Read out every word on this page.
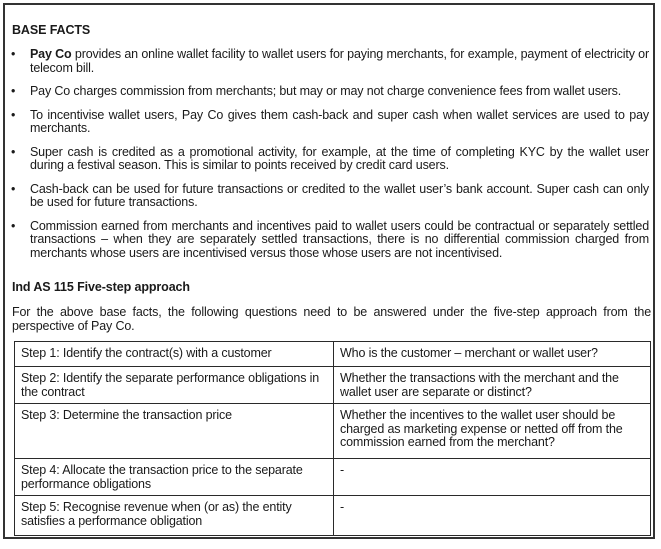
BASE FACTS
• Pay Co provides an online wallet facility to wallet users for paying merchants, for example, payment of electricity or telecom bill.
• Pay Co charges commission from merchants; but may or may not charge convenience fees from wallet users.
• To incentivise wallet users, Pay Co gives them cash-back and super cash when wallet services are used to pay merchants.
• Super cash is credited as a promotional activity, for example, at the time of completing KYC by the wallet user during a festival season. This is similar to points received by credit card users.
• Cash-back can be used for future transactions or credited to the wallet user’s bank account. Super cash can only be used for future transactions.
• Commission earned from merchants and incentives paid to wallet users could be contractual or separately settled transactions – when they are separately settled transactions, there is no differential commission charged from merchants whose users are incentivised versus those whose users are not incentivised.
Ind AS 115 Five-step approach
For the above base facts, the following questions need to be answered under the five-step approach from the perspective of Pay Co.
Step 1: Identify the contract(s) with a customer	Who is the customer – merchant or wallet user?
Step 2: Identify the separate performance obligations in the contract	Whether the transactions with the merchant and the wallet user are separate or distinct?
Step 3: Determine the transaction price	Whether the incentives to the wallet user should be charged as marketing expense or netted off from the commission earned from the merchant?
Step 4: Allocate the transaction price to the separate performance obligations	-
Step 5: Recognise revenue when (or as) the entity satisfies a performance obligation	-
